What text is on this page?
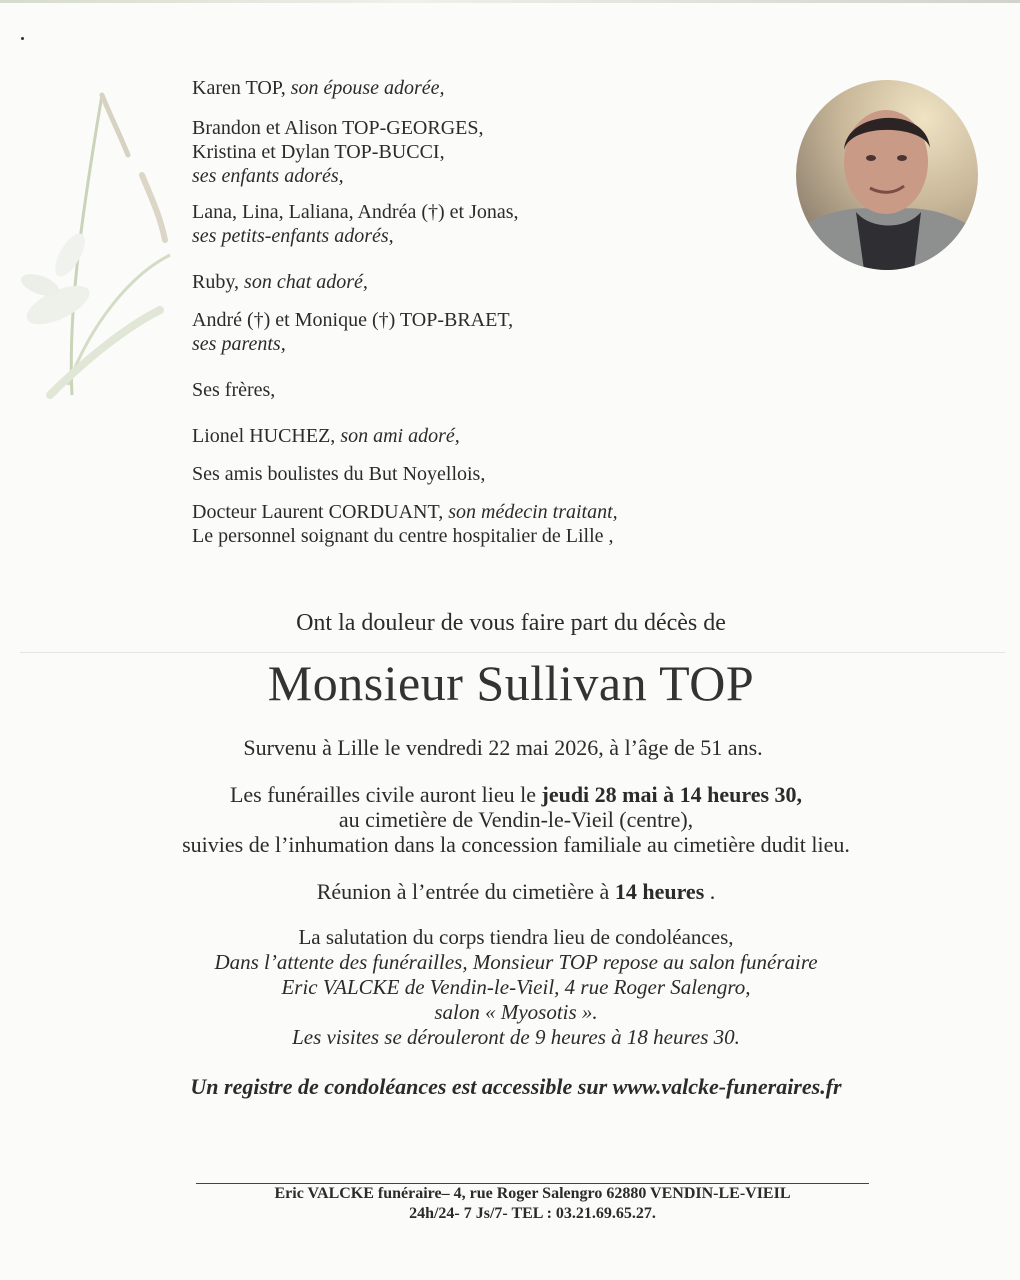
Karen TOP, son épouse adorée,
Brandon et Alison TOP-GEORGES,
Kristina et Dylan TOP-BUCCI,
ses enfants adorés,
Lana, Lina, Laliana, Andréa (†) et Jonas,
ses petits-enfants adorés,
Ruby, son chat adoré,
André (†) et Monique (†) TOP-BRAET,
ses parents,
Ses frères,
Lionel HUCHEZ, son ami adoré,
Ses amis boulistes du But Noyellois,
Docteur Laurent CORDUANT, son médecin traitant,
Le personnel soignant du centre hospitalier de Lille ,
Ont la douleur de vous faire part du décès de
Monsieur Sullivan TOP
Survenu à Lille le vendredi 22 mai 2026, à l’âge de 51 ans.
Les funérailles civile auront lieu le jeudi 28 mai à 14 heures 30,
au cimetière de Vendin-le-Vieil (centre),
suivies de l’inhumation dans la concession familiale au cimetière dudit lieu.
Réunion à l’entrée du cimetière à 14 heures .
La salutation du corps tiendra lieu de condoléances,
Dans l’attente des funérailles, Monsieur TOP repose au salon funéraire
Eric VALCKE de Vendin-le-Vieil, 4 rue Roger Salengro,
salon « Myosotis ».
Les visites se dérouleront de 9 heures à 18 heures 30.
Un registre de condoléances est accessible sur www.valcke-funeraires.fr
Eric VALCKE funéraire– 4, rue Roger Salengro 62880 VENDIN-LE-VIEIL
24h/24- 7 Js/7- TEL : 03.21.69.65.27.
